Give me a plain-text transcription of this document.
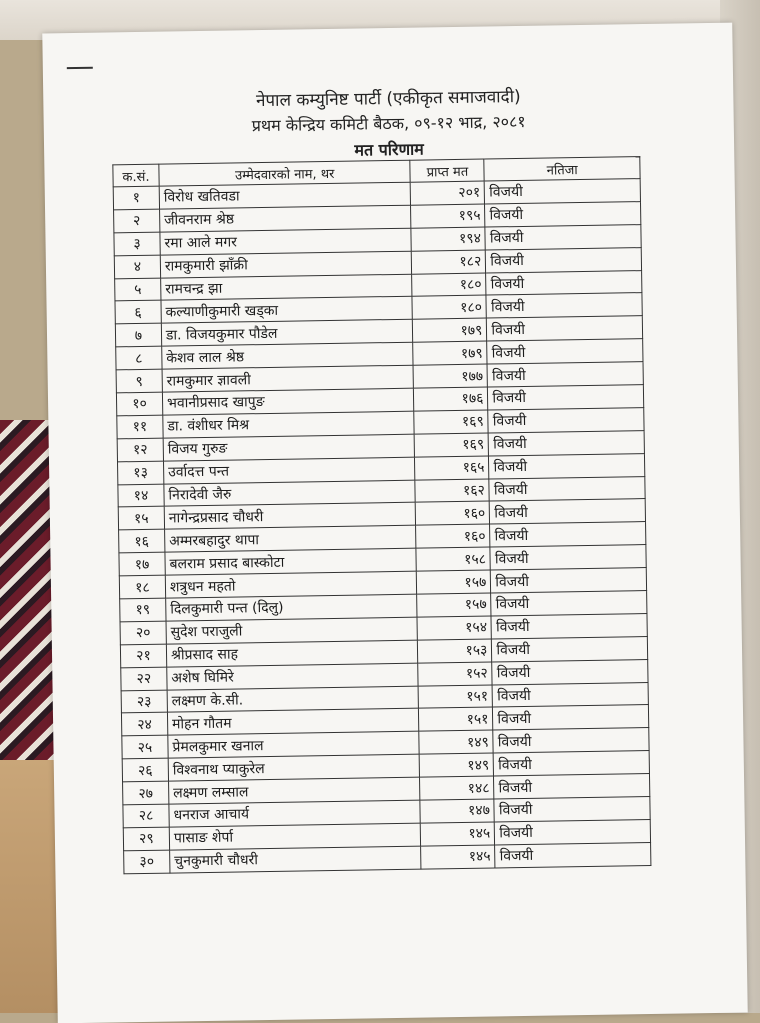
नेपाल कम्युनिष्ट पार्टी (एकीकृत समाजवादी)
प्रथम केन्द्रिय कमिटी बैठक, ०९-१२ भाद्र, २०८१
मत परिणाम
क.सं.	उम्मेदवारको नाम, थर	प्राप्त मत	नतिजा
१	विरोध खतिवडा	२०१	विजयी
२	जीवनराम श्रेष्ठ	१९५	विजयी
३	रमा आले मगर	१९४	विजयी
४	रामकुमारी झाँक्री	१८२	विजयी
५	रामचन्द्र झा	१८०	विजयी
६	कल्याणीकुमारी खड्का	१८०	विजयी
७	डा. विजयकुमार पौडेल	१७९	विजयी
८	केशव लाल श्रेष्ठ	१७९	विजयी
९	रामकुमार ज्ञावली	१७७	विजयी
१०	भवानीप्रसाद खापुङ	१७६	विजयी
११	डा. वंशीधर मिश्र	१६९	विजयी
१२	विजय गुरुङ	१६९	विजयी
१३	उर्वादत्त पन्त	१६५	विजयी
१४	निरादेवी जैरु	१६२	विजयी
१५	नागेन्द्रप्रसाद चौधरी	१६०	विजयी
१६	अम्मरबहादुर थापा	१६०	विजयी
१७	बलराम प्रसाद बास्कोटा	१५८	विजयी
१८	शत्रुधन महतो	१५७	विजयी
१९	दिलकुमारी पन्त (दिलु)	१५७	विजयी
२०	सुदेश पराजुली	१५४	विजयी
२१	श्रीप्रसाद साह	१५३	विजयी
२२	अशेष घिमिरे	१५२	विजयी
२३	लक्ष्मण के.सी.	१५१	विजयी
२४	मोहन गौतम	१५१	विजयी
२५	प्रेमलकुमार खनाल	१४९	विजयी
२६	विश्वनाथ प्याकुरेल	१४९	विजयी
२७	लक्ष्मण लम्साल	१४८	विजयी
२८	धनराज आचार्य	१४७	विजयी
२९	पासाङ शेर्पा	१४५	विजयी
३०	चुनकुमारी चौधरी	१४५	विजयी
